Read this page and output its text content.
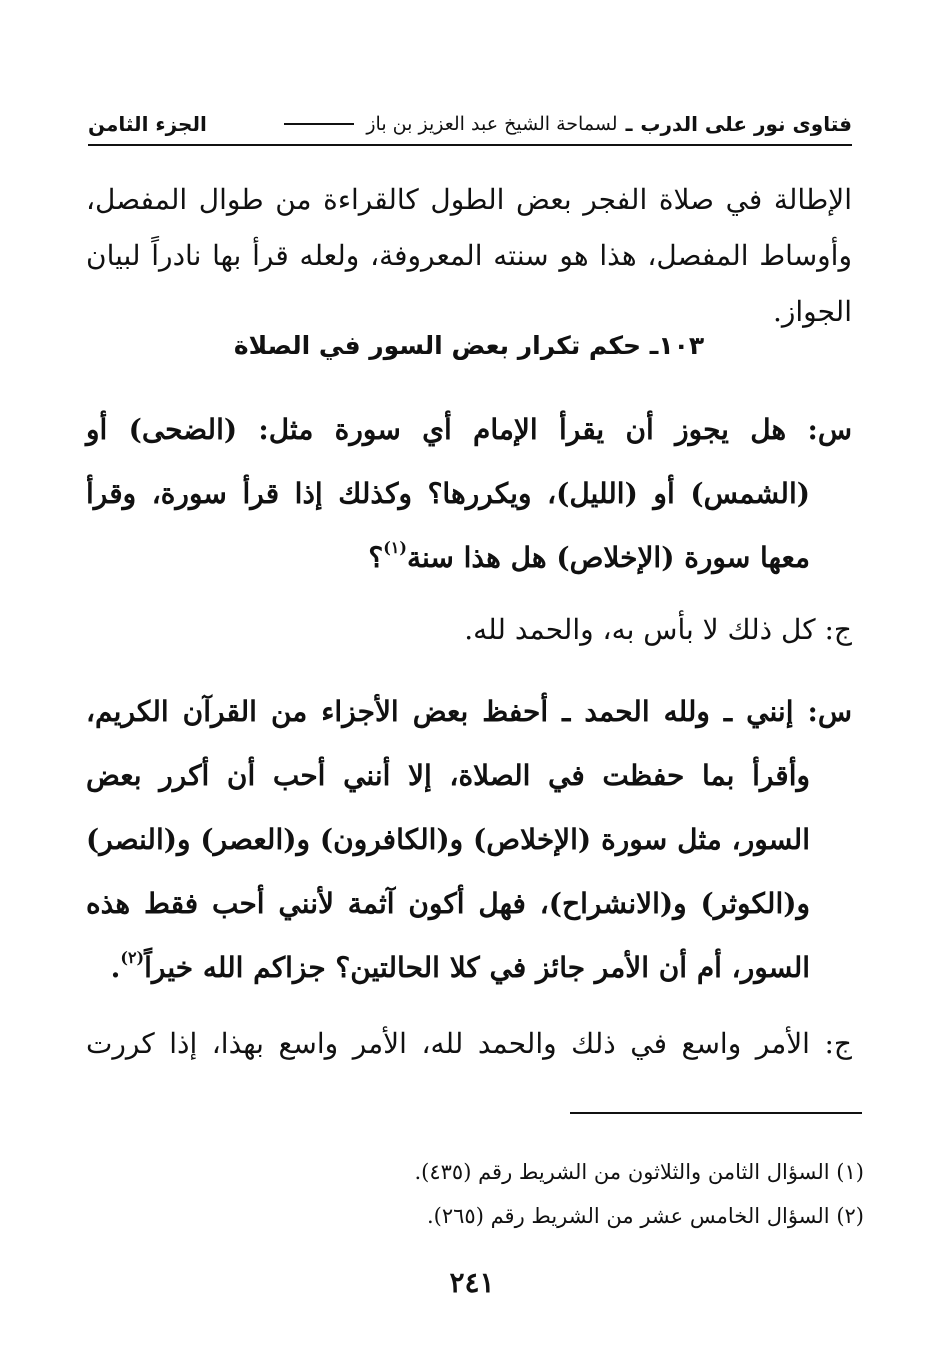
فتاوى نور على الدرب
ـ
لسماحة الشيخ عبد العزيز بن باز
الجزء الثامن
الإطالة في صلاة الفجر بعض الطول كالقراءة من طوال المفصل، وأوساط المفصل، هذا هو سنته المعروفة، ولعله قرأ بها نادراً لبيان الجواز.
١٠٣ـ حكم تكرار بعض السور في الصلاة

س: هل يجوز أن يقرأ الإمام أي سورة مثل: (الضحى) أو (الشمس) أو (الليل)، ويكررها؟ وكذلك إذا قرأ سورة، وقرأ معها سورة (الإخلاص) هل هذا سنة$^{(١)}$؟

ج: كل ذلك لا بأس به، والحمد لله.

س: إنني ـ ولله الحمد ـ أحفظ بعض الأجزاء من القرآن الكريم، وأقرأ بما حفظت في الصلاة، إلا أنني أحب أن أكرر بعض السور، مثل سورة (الإخلاص) و(الكافرون) و(العصر) و(النصر) و(الكوثر) و(الانشراح)، فهل أكون آثمة لأنني أحب فقط هذه السور، أم أن الأمر جائز في كلا الحالتين؟ جزاكم الله خيراً$^{(٢)}$.

ج: الأمر واسع في ذلك والحمد لله، الأمر واسع بهذا، إذا كررت

(١) السؤال الثامن والثلاثون من الشريط رقم (٤٣٥).

(٢) السؤال الخامس عشر من الشريط رقم (٢٦٥).

٢٤١
